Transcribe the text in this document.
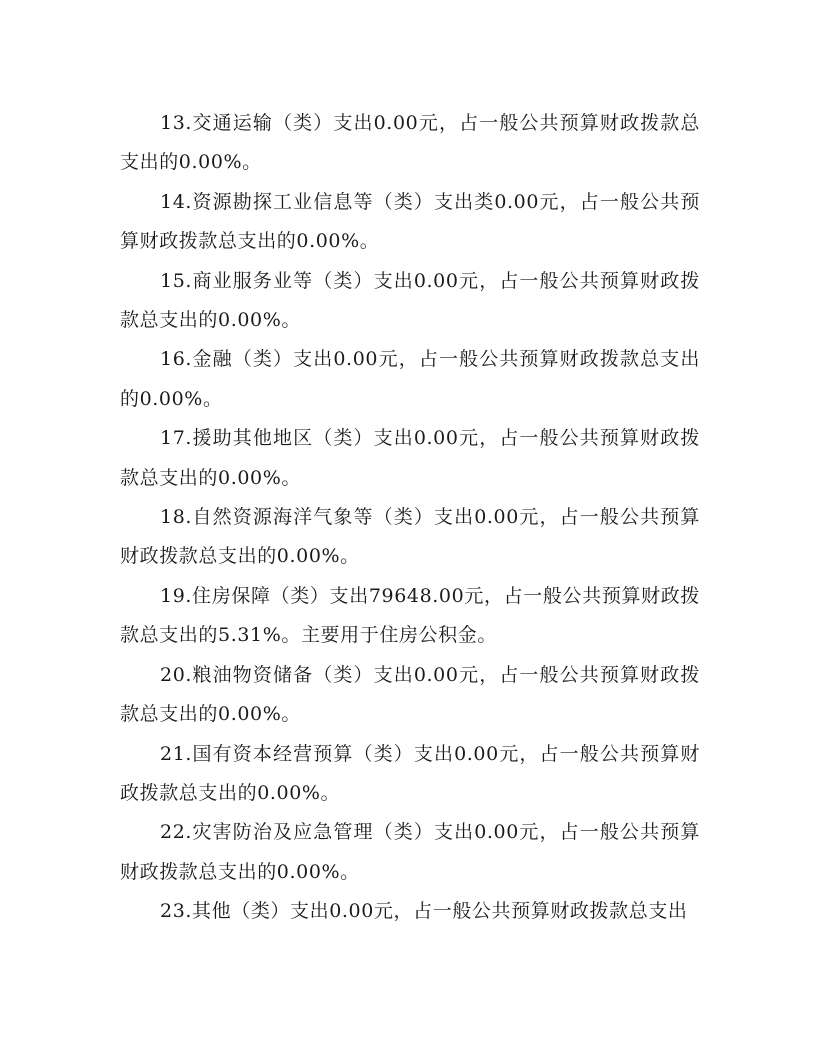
13.交通运输（类）支出0.00元，占一般公共预算财政拨款总支出的0.00%。

14.资源勘探工业信息等（类）支出类0.00元，占一般公共预算财政拨款总支出的0.00%。

15.商业服务业等（类）支出0.00元，占一般公共预算财政拨款总支出的0.00%。

16.金融（类）支出0.00元，占一般公共预算财政拨款总支出的0.00%。

17.援助其他地区（类）支出0.00元，占一般公共预算财政拨款总支出的0.00%。

18.自然资源海洋气象等（类）支出0.00元，占一般公共预算财政拨款总支出的0.00%。

19.住房保障（类）支出79648.00元，占一般公共预算财政拨款总支出的5.31%。主要用于住房公积金。

20.粮油物资储备（类）支出0.00元，占一般公共预算财政拨款总支出的0.00%。

21.国有资本经营预算（类）支出0.00元，占一般公共预算财政拨款总支出的0.00%。

22.灾害防治及应急管理（类）支出0.00元，占一般公共预算财政拨款总支出的0.00%。

23.其他（类）支出0.00元，占一般公共预算财政拨款总支出
